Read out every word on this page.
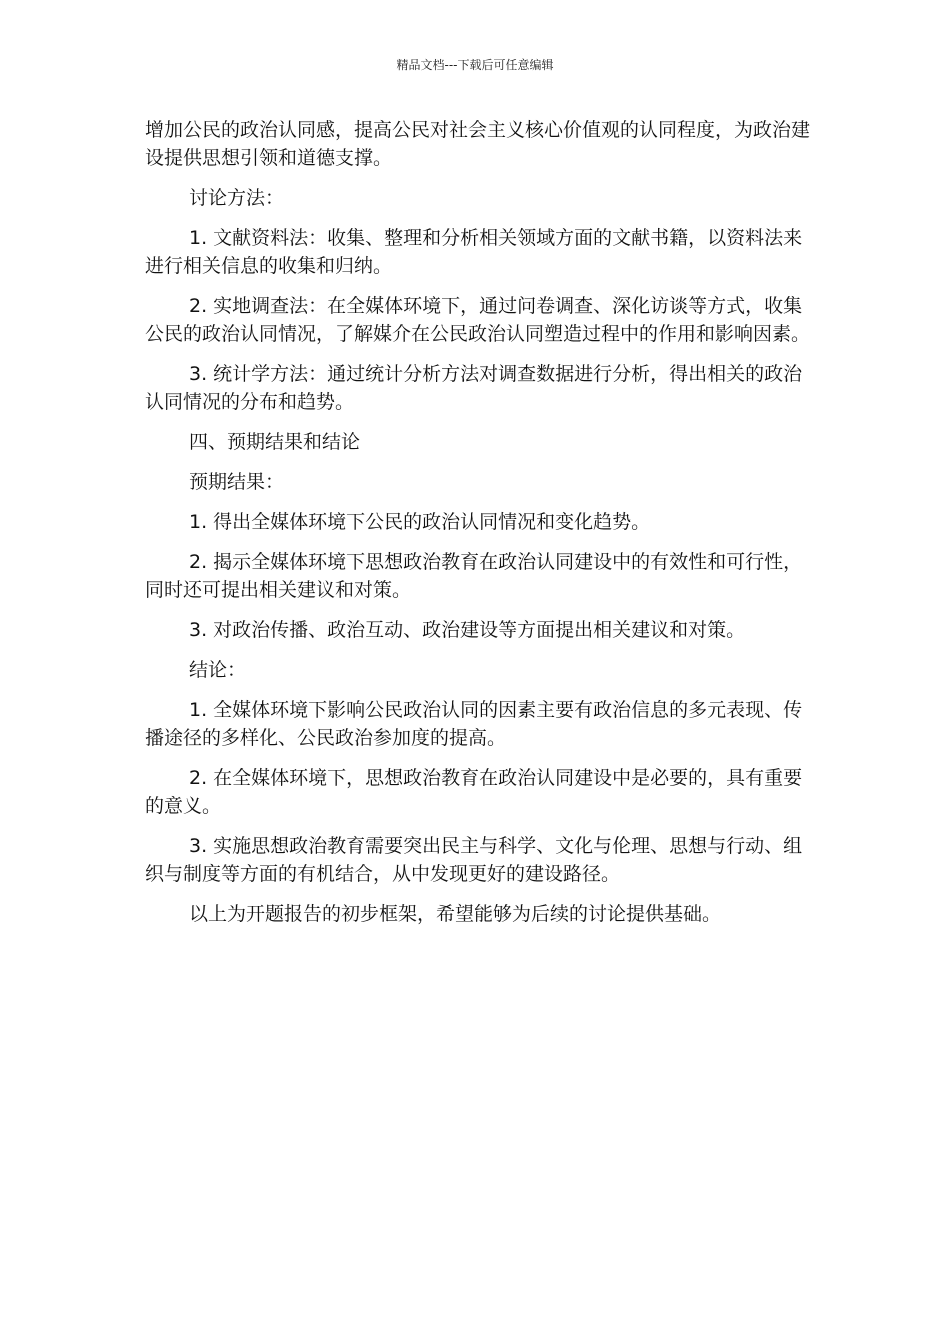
精品文档---下载后可任意编辑

增加公民的政治认同感，提高公民对社会主义核心价值观的认同程度，为政治建设提供思想引领和道德支撑。

讨论方法：

1. 文献资料法：收集、整理和分析相关领域方面的文献书籍，以资料法来进行相关信息的收集和归纳。

2. 实地调查法：在全媒体环境下，通过问卷调查、深化访谈等方式，收集公民的政治认同情况，了解媒介在公民政治认同塑造过程中的作用和影响因素。

3. 统计学方法：通过统计分析方法对调查数据进行分析，得出相关的政治认同情况的分布和趋势。

四、预期结果和结论

预期结果：

1. 得出全媒体环境下公民的政治认同情况和变化趋势。

2. 揭示全媒体环境下思想政治教育在政治认同建设中的有效性和可行性，同时还可提出相关建议和对策。

3. 对政治传播、政治互动、政治建设等方面提出相关建议和对策。

结论：

1. 全媒体环境下影响公民政治认同的因素主要有政治信息的多元表现、传播途径的多样化、公民政治参加度的提高。

2. 在全媒体环境下，思想政治教育在政治认同建设中是必要的，具有重要的意义。

3. 实施思想政治教育需要突出民主与科学、文化与伦理、思想与行动、组织与制度等方面的有机结合，从中发现更好的建设路径。

以上为开题报告的初步框架，希望能够为后续的讨论提供基础。
